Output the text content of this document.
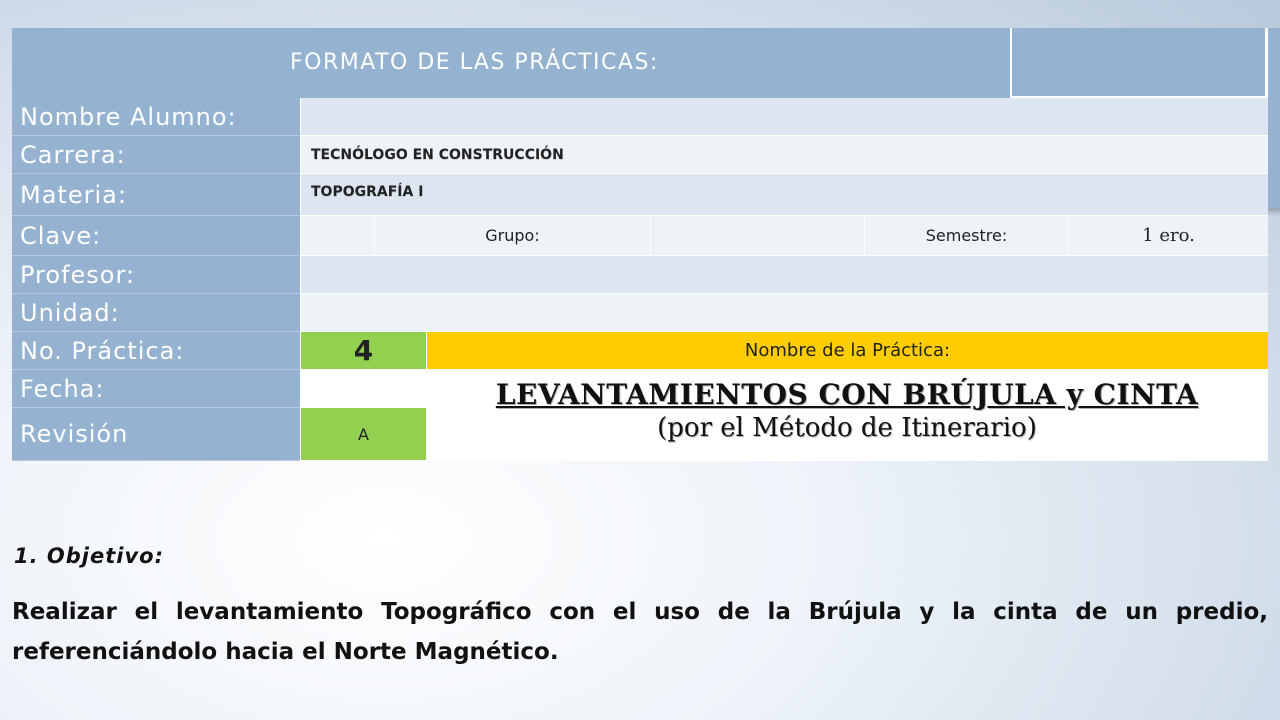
FORMATO DE LAS PRÁCTICAS:
Nombre Alumno:
Carrera:	TECNÓLOGO EN CONSTRUCCIÓN
Materia:	TOPOGRAFÍA I
Clave:	Grupo:	Semestre:	1 ero.
Profesor:
Unidad:
No. Práctica:	4	Nombre de la Práctica:
Fecha:
Revisión	A
LEVANTAMIENTOS CON BRÚJULA y CINTA
(por el Método de Itinerario)
1. Objetivo:
Realizar el levantamiento Topográfico con el uso de la Brújula y la cinta de un predio, referenciándolo hacia el Norte Magnético.
